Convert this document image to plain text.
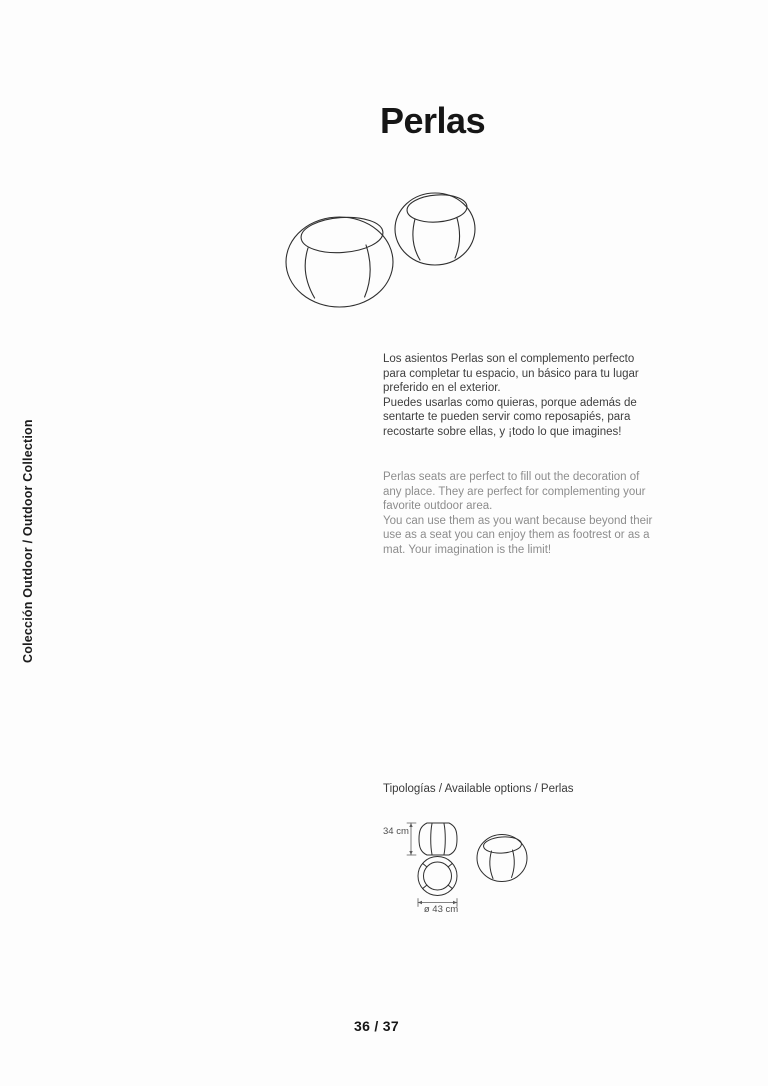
Colección Outdoor / Outdoor Collection
Perlas

Los asientos Perlas son el complemento perfecto
para completar tu espacio, un básico para tu lugar
preferido en el exterior.
Puedes usarlas como quieras, porque además de
sentarte te pueden servir como reposapiés, para
recostarte sobre ellas, y ¡todo lo que imagines!

Perlas seats are perfect to fill out the decoration of
any place. They are perfect for complementing your
favorite outdoor area.
You can use them as you want because beyond their
use as a seat you can enjoy them as footrest or as a
mat. Your imagination is the limit!

Tipologías / Available options / Perlas
34 cm
ø 43 cm
36 / 37
